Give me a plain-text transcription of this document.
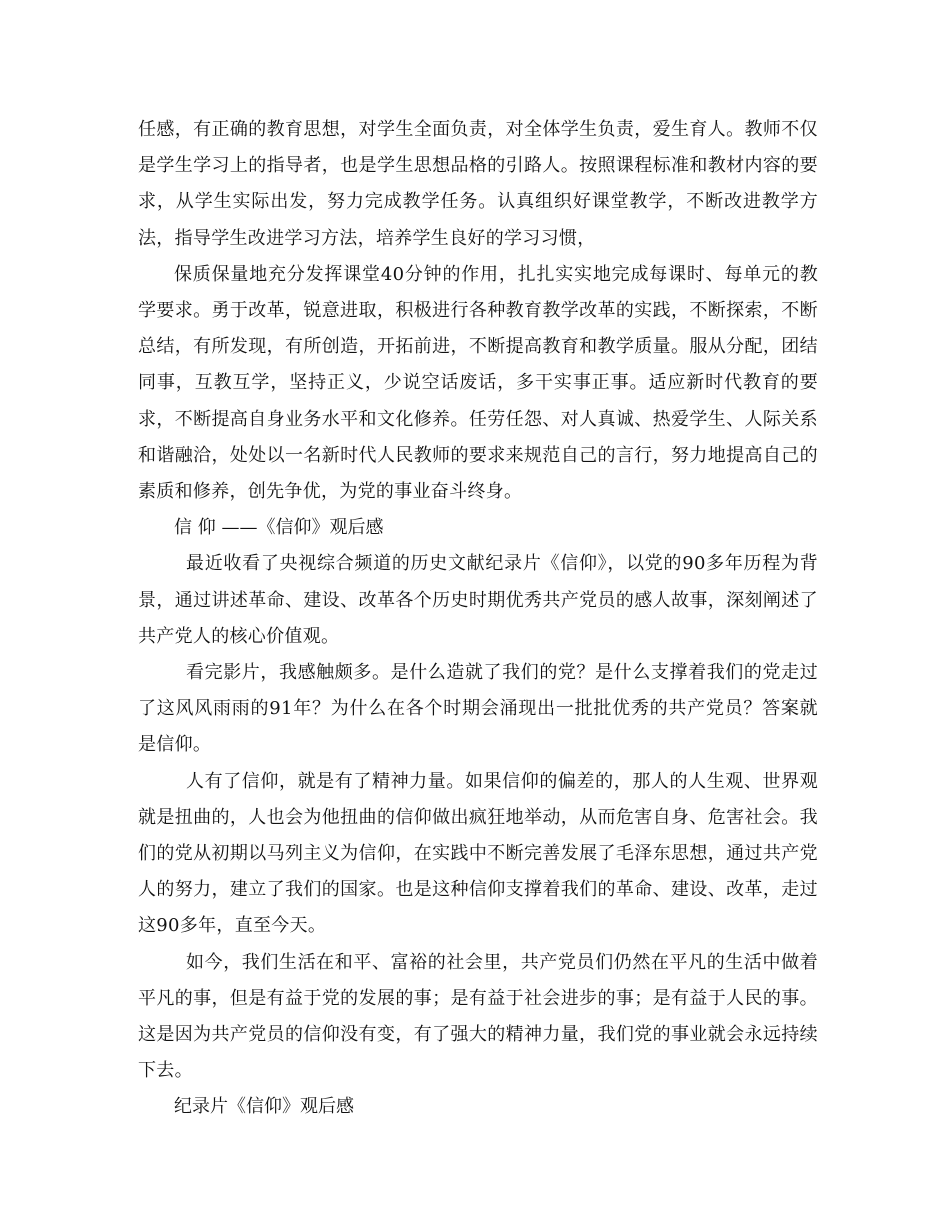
任感，有正确的教育思想，对学生全面负责，对全体学生负责，爱生育人。教师不仅是学生学习上的指导者，也是学生思想品格的引路人。按照课程标准和教材内容的要求，从学生实际出发，努力完成教学任务。认真组织好课堂教学，不断改进教学方法，指导学生改进学习方法，培养学生良好的学习习惯，

保质保量地充分发挥课堂40分钟的作用，扎扎实实地完成每课时、每单元的教学要求。勇于改革，锐意进取，积极进行各种教育教学改革的实践，不断探索，不断总结，有所发现，有所创造，开拓前进，不断提高教育和教学质量。服从分配，团结同事，互教互学，坚持正义，少说空话废话，多干实事正事。适应新时代教育的要求，不断提高自身业务水平和文化修养。任劳任怨、对人真诚、热爱学生、人际关系和谐融洽，处处以一名新时代人民教师的要求来规范自己的言行，努力地提高自己的素质和修养，创先争优，为党的事业奋斗终身。

信 仰 ——《信仰》观后感

最近收看了央视综合频道的历史文献纪录片《信仰》，以党的90多年历程为背景，通过讲述革命、建设、改革各个历史时期优秀共产党员的感人故事，深刻阐述了共产党人的核心价值观。

看完影片，我感触颇多。是什么造就了我们的党？是什么支撑着我们的党走过了这风风雨雨的91年？为什么在各个时期会涌现出一批批优秀的共产党员？答案就是信仰。

人有了信仰，就是有了精神力量。如果信仰的偏差的，那人的人生观、世界观就是扭曲的，人也会为他扭曲的信仰做出疯狂地举动，从而危害自身、危害社会。我们的党从初期以马列主义为信仰，在实践中不断完善发展了毛泽东思想，通过共产党人的努力，建立了我们的国家。也是这种信仰支撑着我们的革命、建设、改革，走过这90多年，直至今天。

如今，我们生活在和平、富裕的社会里，共产党员们仍然在平凡的生活中做着平凡的事，但是有益于党的发展的事；是有益于社会进步的事；是有益于人民的事。这是因为共产党员的信仰没有变，有了强大的精神力量，我们党的事业就会永远持续下去。

纪录片《信仰》观后感
